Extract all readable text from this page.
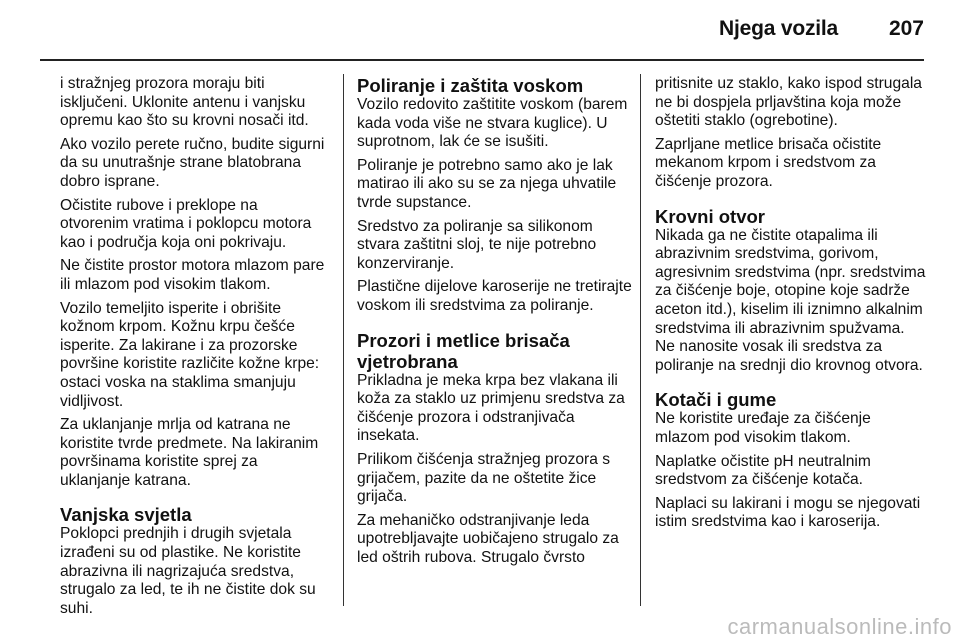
Njega vozila 207

i stražnjeg prozora moraju biti isključeni. Uklonite antenu i vanjsku opremu kao što su krovni nosači itd.

Ako vozilo perete ručno, budite sigurni da su unutrašnje strane blatobrana dobro isprane.

Očistite rubove i preklope na otvorenim vratima i poklopcu motora kao i područja koja oni pokrivaju.

Ne čistite prostor motora mlazom pare ili mlazom pod visokim tlakom.

Vozilo temeljito isperite i obrišite kožnom krpom. Kožnu krpu češće isperite. Za lakirane i za prozorske površine koristite različite kožne krpe: ostaci voska na staklima smanjuju vidljivost.

Za uklanjanje mrlja od katrana ne koristite tvrde predmete. Na lakiranim površinama koristite sprej za uklanjanje katrana.

Vanjska svjetla

Poklopci prednjih i drugih svjetala izrađeni su od plastike. Ne koristite abrazivna ili nagrizajuća sredstva, strugalo za led, te ih ne čistite dok su suhi.

Poliranje i zaštita voskom

Vozilo redovito zaštitite voskom (barem kada voda više ne stvara kuglice). U suprotnom, lak će se isušiti.

Poliranje je potrebno samo ako je lak matirao ili ako su se za njega uhvatile tvrde supstance.

Sredstvo za poliranje sa silikonom stvara zaštitni sloj, te nije potrebno konzerviranje.

Plastične dijelove karoserije ne tretirajte voskom ili sredstvima za poliranje.

Prozori i metlice brisača vjetrobrana

Prikladna je meka krpa bez vlakana ili koža za staklo uz primjenu sredstva za čišćenje prozora i odstranjivača insekata.

Prilikom čišćenja stražnjeg prozora s grijačem, pazite da ne oštetite žice grijača.

Za mehaničko odstranjivanje leda upotrebljavajte uobičajeno strugalo za led oštrih rubova. Strugalo čvrsto

pritisnite uz staklo, kako ispod strugala ne bi dospjela prljavština koja može oštetiti staklo (ogrebotine).

Zaprljane metlice brisača očistite mekanom krpom i sredstvom za čišćenje prozora.

Krovni otvor

Nikada ga ne čistite otapalima ili abrazivnim sredstvima, gorivom, agresivnim sredstvima (npr. sredstvima za čišćenje boje, otopine koje sadrže aceton itd.), kiselim ili iznimno alkalnim sredstvima ili abrazivnim spužvama. Ne nanosite vosak ili sredstva za poliranje na srednji dio krovnog otvora.

Kotači i gume

Ne koristite uređaje za čišćenje mlazom pod visokim tlakom.

Naplatke očistite pH neutralnim sredstvom za čišćenje kotača.

Naplaci su lakirani i mogu se njegovati istim sredstvima kao i karoserija.

carmanualsonline.info
